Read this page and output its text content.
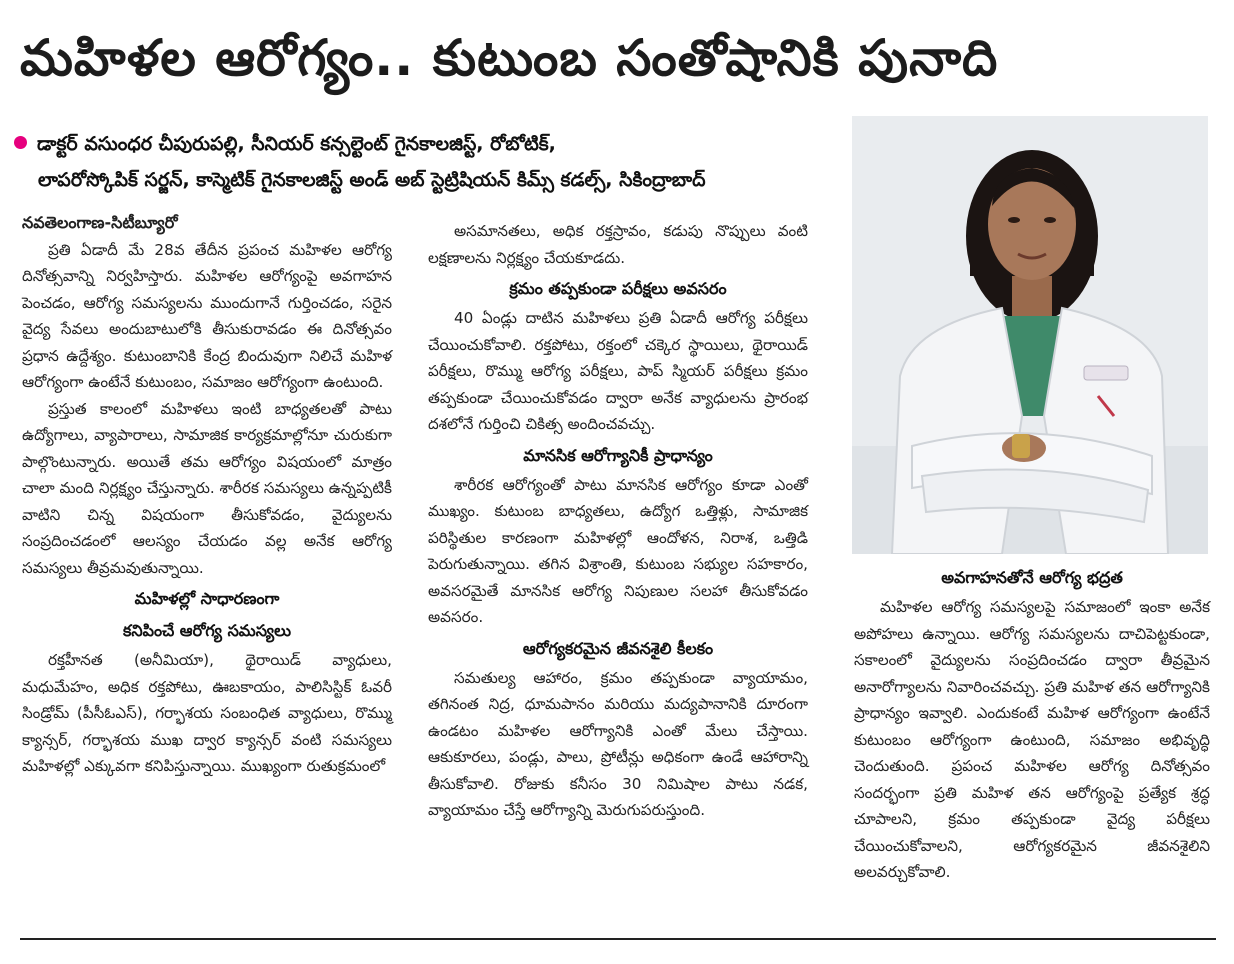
మహిళల ఆరోగ్యం.. కుటుంబ సంతోషానికి పునాది
డాక్టర్ వసుంధర చీపురుపల్లి, సీనియర్ కన్సల్టెంట్ గైనకాలజిస్ట్, రోబోటిక్,
లాపరోస్కోపిక్ సర్జన్, కాస్మెటిక్ గైనకాలజిస్ట్ అండ్ అబ్ స్టెట్రిషియన్ కిమ్స్ కడల్స్, సికింద్రాబాద్

నవతెలంగాణ-సిటీబ్యూరో

ప్రతి ఏడాదీ మే 28వ తేదీన ప్రపంచ మహిళల ఆరోగ్య దినోత్సవాన్ని నిర్వహిస్తారు. మహిళల ఆరోగ్యంపై అవగాహన పెంచడం, ఆరోగ్య సమస్యలను ముందుగానే గుర్తించడం, సరైన వైద్య సేవలు అందుబాటులోకి తీసుకురావడం ఈ దినోత్సవం ప్రధాన ఉద్దేశ్యం. కుటుంబానికి కేంద్ర బిందువుగా నిలిచే మహిళ ఆరోగ్యంగా ఉంటేనే కుటుంబం, సమాజం ఆరోగ్యంగా ఉంటుంది.

ప్రస్తుత కాలంలో మహిళలు ఇంటి బాధ్యతలతో పాటు ఉద్యోగాలు, వ్యాపారాలు, సామాజిక కార్యక్రమాల్లోనూ చురుకుగా పాల్గొంటున్నారు. అయితే తమ ఆరోగ్యం విషయంలో మాత్రం చాలా మంది నిర్లక్ష్యం చేస్తున్నారు. శారీరక సమస్యలు ఉన్నప్పటికీ వాటిని చిన్న విషయంగా తీసుకోవడం, వైద్యులను సంప్రదించడంలో ఆలస్యం చేయడం వల్ల అనేక ఆరోగ్య సమస్యలు తీవ్రమవుతున్నాయి.

మహిళల్లో సాధారణంగా
కనిపించే ఆరోగ్య సమస్యలు

రక్తహీనత (అనీమియా), థైరాయిడ్ వ్యాధులు, మధుమేహం, అధిక రక్తపోటు, ఊబకాయం, పాలిసిస్టిక్ ఓవరీ సిండ్రోమ్ (పీసీఓఎస్), గర్భాశయ సంబంధిత వ్యాధులు, రొమ్ము క్యాన్సర్, గర్భాశయ ముఖ ద్వార క్యాన్సర్ వంటి సమస్యలు మహిళల్లో ఎక్కువగా కనిపిస్తున్నాయి. ముఖ్యంగా రుతుక్రమంలో

అసమానతలు, అధిక రక్తస్రావం, కడుపు నొప్పులు వంటి లక్షణాలను నిర్లక్ష్యం చేయకూడదు.

క్రమం తప్పకుండా పరీక్షలు అవసరం

40 ఏండ్లు దాటిన మహిళలు ప్రతి ఏడాదీ ఆరోగ్య పరీక్షలు చేయించుకోవాలి. రక్తపోటు, రక్తంలో చక్కెర స్థాయిలు, థైరాయిడ్ పరీక్షలు, రొమ్ము ఆరోగ్య పరీక్షలు, పాప్ స్మియర్ పరీక్షలు క్రమం తప్పకుండా చేయించుకోవడం ద్వారా అనేక వ్యాధులను ప్రారంభ దశలోనే గుర్తించి చికిత్స అందించవచ్చు.

మానసిక ఆరోగ్యానికీ ప్రాధాన్యం

శారీరక ఆరోగ్యంతో పాటు మానసిక ఆరోగ్యం కూడా ఎంతో ముఖ్యం. కుటుంబ బాధ్యతలు, ఉద్యోగ ఒత్తిళ్లు, సామాజిక పరిస్థితుల కారణంగా మహిళల్లో ఆందోళన, నిరాశ, ఒత్తిడి పెరుగుతున్నాయి. తగిన విశ్రాంతి, కుటుంబ సభ్యుల సహకారం, అవసరమైతే మానసిక ఆరోగ్య నిపుణుల సలహా తీసుకోవడం అవసరం.

ఆరోగ్యకరమైన జీవనశైలి కీలకం

సమతుల్య ఆహారం, క్రమం తప్పకుండా వ్యాయామం, తగినంత నిద్ర, ధూమపానం మరియు మద్యపానానికి దూరంగా ఉండటం మహిళల ఆరోగ్యానికి ఎంతో మేలు చేస్తాయి. ఆకుకూరలు, పండ్లు, పాలు, ప్రోటీన్లు అధికంగా ఉండే ఆహారాన్ని తీసుకోవాలి. రోజుకు కనీసం 30 నిమిషాల పాటు నడక, వ్యాయామం చేస్తే ఆరోగ్యాన్ని మెరుగుపరుస్తుంది.

అవగాహనతోనే ఆరోగ్య భద్రత

మహిళల ఆరోగ్య సమస్యలపై సమాజంలో ఇంకా అనేక అపోహలు ఉన్నాయి. ఆరోగ్య సమస్యలను దాచిపెట్టకుండా, సకాలంలో వైద్యులను సంప్రదించడం ద్వారా తీవ్రమైన అనారోగ్యాలను నివారించవచ్చు. ప్రతి మహిళ తన ఆరోగ్యానికి ప్రాధాన్యం ఇవ్వాలి. ఎందుకంటే మహిళ ఆరోగ్యంగా ఉంటేనే కుటుంబం ఆరోగ్యంగా ఉంటుంది, సమాజం అభివృద్ధి చెందుతుంది. ప్రపంచ మహిళల ఆరోగ్య దినోత్సవం సందర్భంగా ప్రతి మహిళ తన ఆరోగ్యంపై ప్రత్యేక శ్రద్ధ చూపాలని, క్రమం తప్పకుండా వైద్య పరీక్షలు చేయించుకోవాలని, ఆరోగ్యకరమైన జీవనశైలిని అలవర్చుకోవాలి.
